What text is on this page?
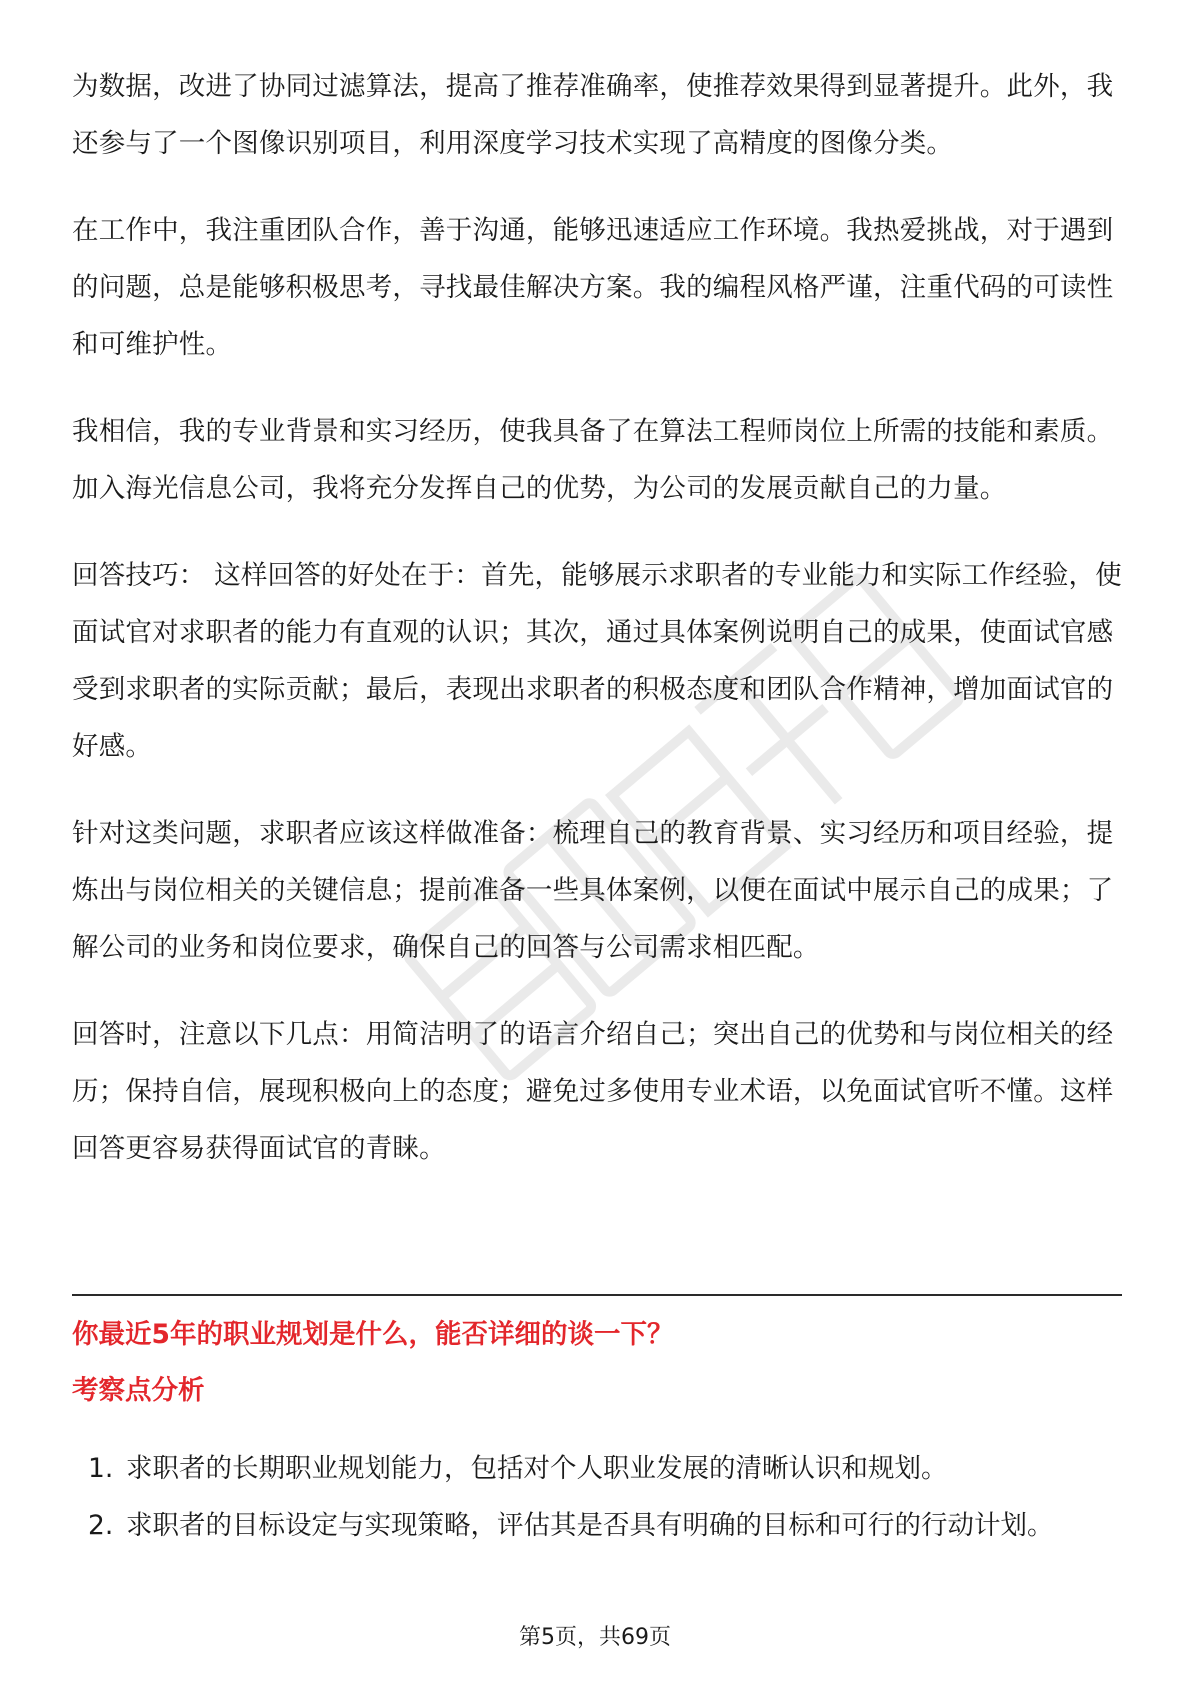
为数据，改进了协同过滤算法，提高了推荐准确率，使推荐效果得到显著提升。此外，我还参与了一个图像识别项目，利用深度学习技术实现了高精度的图像分类。

在工作中，我注重团队合作，善于沟通，能够迅速适应工作环境。我热爱挑战，对于遇到的问题，总是能够积极思考，寻找最佳解决方案。我的编程风格严谨，注重代码的可读性和可维护性。

我相信，我的专业背景和实习经历，使我具备了在算法工程师岗位上所需的技能和素质。加入海光信息公司，我将充分发挥自己的优势，为公司的发展贡献自己的力量。

回答技巧： 这样回答的好处在于：首先，能够展示求职者的专业能力和实际工作经验，使面试官对求职者的能力有直观的认识；其次，通过具体案例说明自己的成果，使面试官感受到求职者的实际贡献；最后，表现出求职者的积极态度和团队合作精神，增加面试官的好感。

针对这类问题，求职者应该这样做准备：梳理自己的教育背景、实习经历和项目经验，提炼出与岗位相关的关键信息；提前准备一些具体案例，以便在面试中展示自己的成果；了解公司的业务和岗位要求，确保自己的回答与公司需求相匹配。

回答时，注意以下几点：用简洁明了的语言介绍自己；突出自己的优势和与岗位相关的经历；保持自信，展现积极向上的态度；避免过多使用专业术语，以免面试官听不懂。这样回答更容易获得面试官的青睐。

你最近5年的职业规划是什么，能否详细的谈一下？
考察点分析
1. 求职者的长期职业规划能力，包括对个人职业发展的清晰认识和规划。
2. 求职者的目标设定与实现策略，评估其是否具有明确的目标和可行的行动计划。
第5页，共69页
